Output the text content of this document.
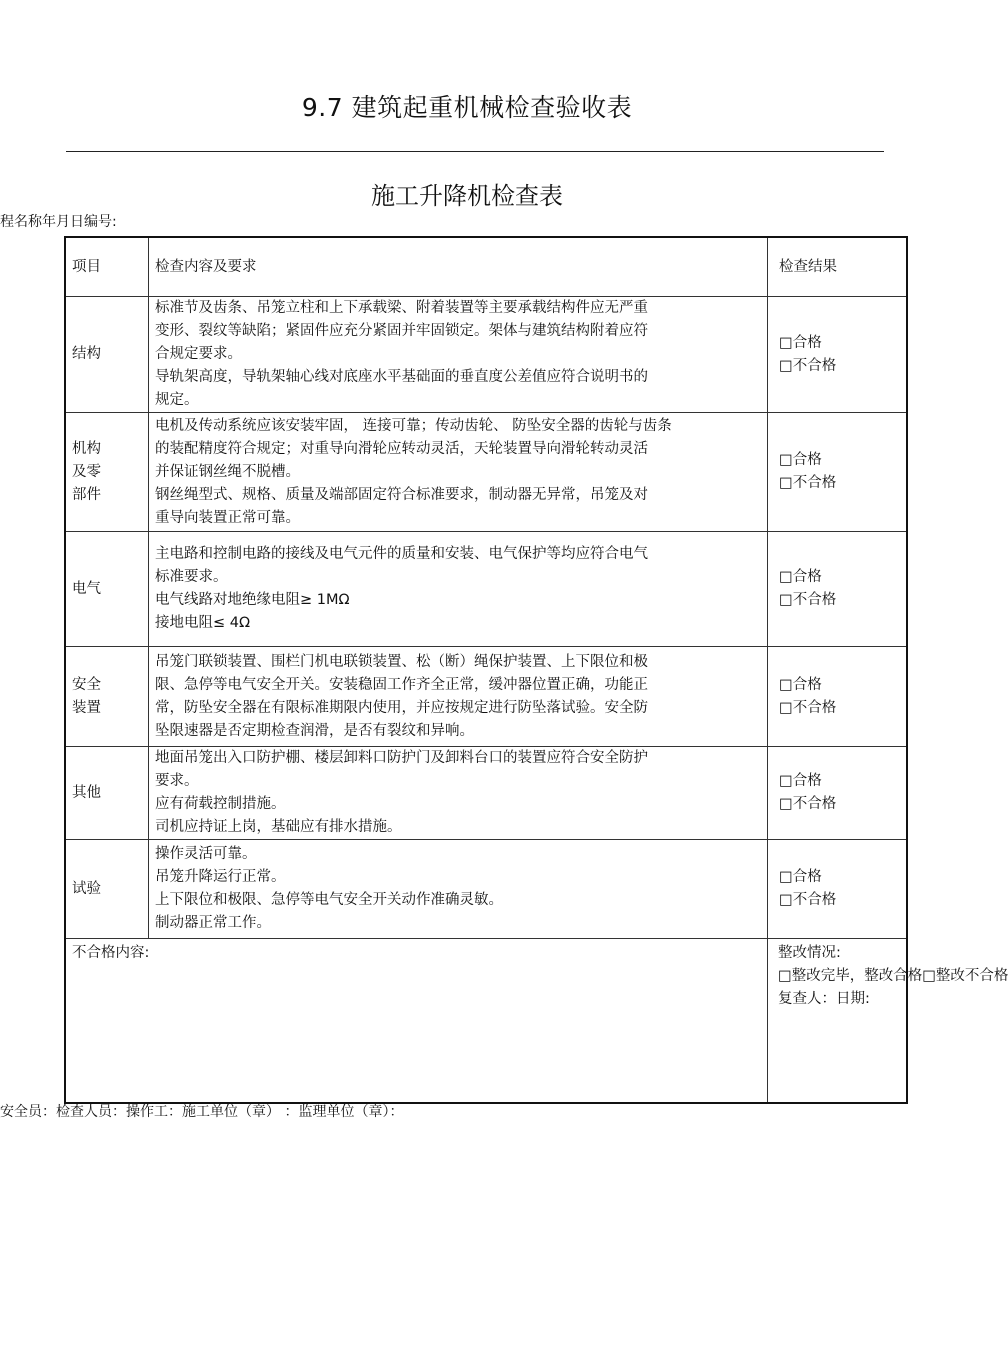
9.7 建筑起重机械检查验收表
施工升降机检查表
程名称年月日编号:
项目	检查内容及要求	检查结果

结构	标准节及齿条、吊笼立柱和上下承载梁、附着装置等主要承载结构件应无严重
变形、裂纹等缺陷；紧固件应充分紧固并牢固锁定。架体与建筑结构附着应符
合规定要求。
导轨架高度，导轨架轴心线对底座水平基础面的垂直度公差值应符合说明书的
规定。	□合格
□不合格

机构
及零
部件	电机及传动系统应该安装牢固， 连接可靠；传动齿轮、 防坠安全器的齿轮与齿条
的装配精度符合规定；对重导向滑轮应转动灵活，天轮装置导向滑轮转动灵活
并保证钢丝绳不脱槽。
钢丝绳型式、规格、质量及端部固定符合标准要求，制动器无异常，吊笼及对
重导向装置正常可靠。	□合格
□不合格

电气	主电路和控制电路的接线及电气元件的质量和安装、电气保护等均应符合电气
标准要求。
电气线路对地绝缘电阻≥ 1MΩ
接地电阻≤ 4Ω	□合格
□不合格

安全
装置	吊笼门联锁装置、围栏门机电联锁装置、松（断）绳保护装置、上下限位和极
限、急停等电气安全开关。安装稳固工作齐全正常，缓冲器位置正确，功能正
常，防坠安全器在有限标准期限内使用，并应按规定进行防坠落试验。安全防
坠限速器是否定期检查润滑，是否有裂纹和异响。	□合格
□不合格

其他	地面吊笼出入口防护棚、楼层卸料口防护门及卸料台口的装置应符合安全防护
要求。
应有荷载控制措施。
司机应持证上岗，基础应有排水措施。	□合格
□不合格

试验	操作灵活可靠。
吊笼升降运行正常。
上下限位和极限、急停等电气安全开关动作准确灵敏。
制动器正常工作。	□合格
□不合格

不合格内容:		整改情况:
□整改完毕，整改合格□整改不合格
复查人：日期:
安全员：检查人员：操作工：施工单位（章） ：监理单位（章）：
